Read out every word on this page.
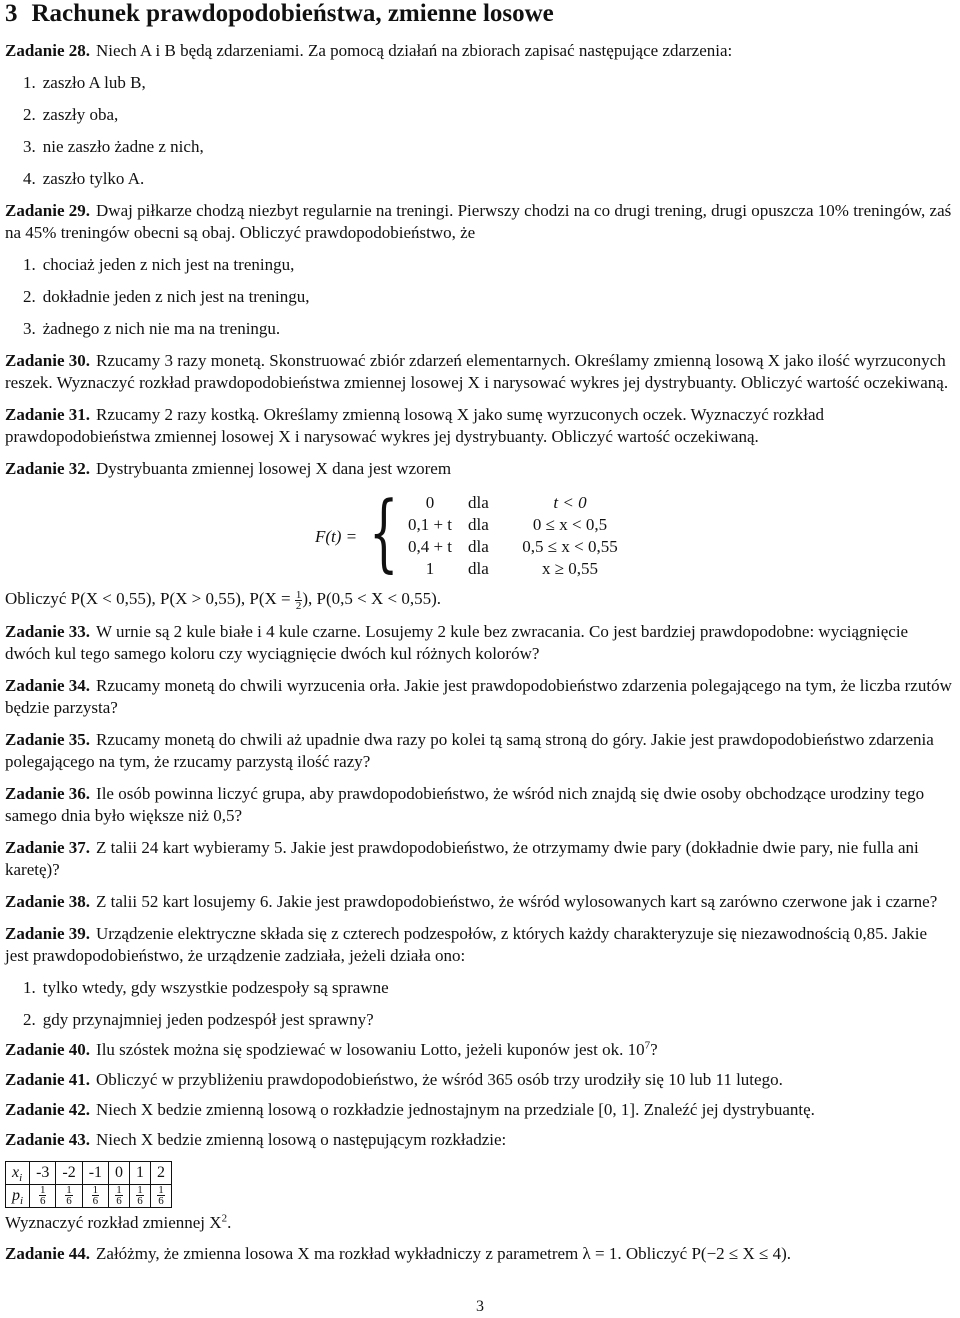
3 Rachunek prawdopodobieństwa, zmienne losowe

Zadanie 28. Niech A i B będą zdarzeniami. Za pomocą działań na zbiorach zapisać następujące zdarzenia:

1. zaszło A lub B,
2. zaszły oba,
3. nie zaszło żadne z nich,
4. zaszło tylko A.

Zadanie 29. Dwaj piłkarze chodzą niezbyt regularnie na treningi. Pierwszy chodzi na co drugi trening, drugi opuszcza 10% treningów, zaś na 45% treningów obecni są obaj. Obliczyć prawdopodobieństwo, że

1. chociaż jeden z nich jest na treningu,
2. dokładnie jeden z nich jest na treningu,
3. żadnego z nich nie ma na treningu.

Zadanie 30. Rzucamy 3 razy monetą. Skonstruować zbiór zdarzeń elementarnych. Określamy zmienną losową X jako ilość wyrzuconych reszek. Wyznaczyć rozkład prawdopodobieństwa zmiennej losowej X i narysować wykres jej dystrybuanty. Obliczyć wartość oczekiwaną.

Zadanie 31. Rzucamy 2 razy kostką. Określamy zmienną losową X jako sumę wyrzuconych oczek. Wyznaczyć rozkład prawdopodobieństwa zmiennej losowej X i narysować wykres jej dystrybuanty. Obliczyć wartość oczekiwaną.

Zadanie 32. Dystrybuanta zmiennej losowej X dana jest wzorem

F(t) = {	0	dla	t < 0
0,1 + t dla	0 ≤ x < 0,5
0,4 + t dla	0,5 ≤ x < 0,55
1	dla	x ≥ 0,55

Obliczyć P(X < 0,55), P(X > 0,55), $P(X = \frac{1}{2}$ ), P(0,5 < X < 0,55).

Zadanie 33. W urnie są 2 kule białe i 4 kule czarne. Losujemy 2 kule bez zwracania. Co jest bardziej prawdopodobne: wyciągnięcie dwóch kul tego samego koloru czy wyciągnięcie dwóch kul różnych kolorów?

Zadanie 34. Rzucamy monetą do chwili wyrzucenia orła. Jakie jest prawdopodobieństwo zdarzenia polegającego na tym, że liczba rzutów będzie parzysta?

Zadanie 35. Rzucamy monetą do chwili aż upadnie dwa razy po kolei tą samą stroną do góry. Jakie jest prawdopodobieństwo zdarzenia polegającego na tym, że rzucamy parzystą ilość razy?

Zadanie 36. Ile osób powinna liczyć grupa, aby prawdopodobieństwo, że wśród nich znajdą się dwie osoby obchodzące urodziny tego samego dnia było większe niż 0,5?

Zadanie 37. Z talii 24 kart wybieramy 5. Jakie jest prawdopodobieństwo, że otrzymamy dwie pary (dokładnie dwie pary, nie fulla ani karetę)?

Zadanie 38. Z talii 52 kart losujemy 6. Jakie jest prawdopodobieństwo, że wśród wylosowanych kart są zarówno czerwone jak i czarne?

Zadanie 39. Urządzenie elektryczne składa się z czterech podzespołów, z których każdy charakteryzuje się niezawodnością 0,85. Jakie jest prawdopodobieństwo, że urządzenie zadziała, jeżeli działa ono:

1. tylko wtedy, gdy wszystkie podzespoły są sprawne
2. gdy przynajmniej jeden podzespół jest sprawny?

Zadanie 40. Ilu szóstek można się spodziewać w losowaniu Lotto, jeżeli kuponów jest ok. $10^7$?

Zadanie 41. Obliczyć w przybliżeniu prawdopodobieństwo, że wśród 365 osób trzy urodziły się 10 lub 11 lutego.

Zadanie 42. Niech X bedzie zmienną losową o rozkładzie jednostajnym na przedziale [0, 1]. Znaleźć jej dystrybuantę.

Zadanie 43. Niech X bedzie zmienną losową o następującym rozkładzie:

$x_i$	-3	-2	-1	0	1	2
$p_i$	$\frac{1}{6}$	$\frac{1}{6}$	$\frac{1}{6}$	$\frac{1}{6}$	$\frac{1}{6}$	$\frac{1}{6}$

Wyznaczyć rozkład zmiennej $X^2$.

Zadanie 44. Załóżmy, że zmienna losowa X ma rozkład wykładniczy z parametrem λ = 1. Obliczyć P(−2 ≤ X ≤ 4).

3
